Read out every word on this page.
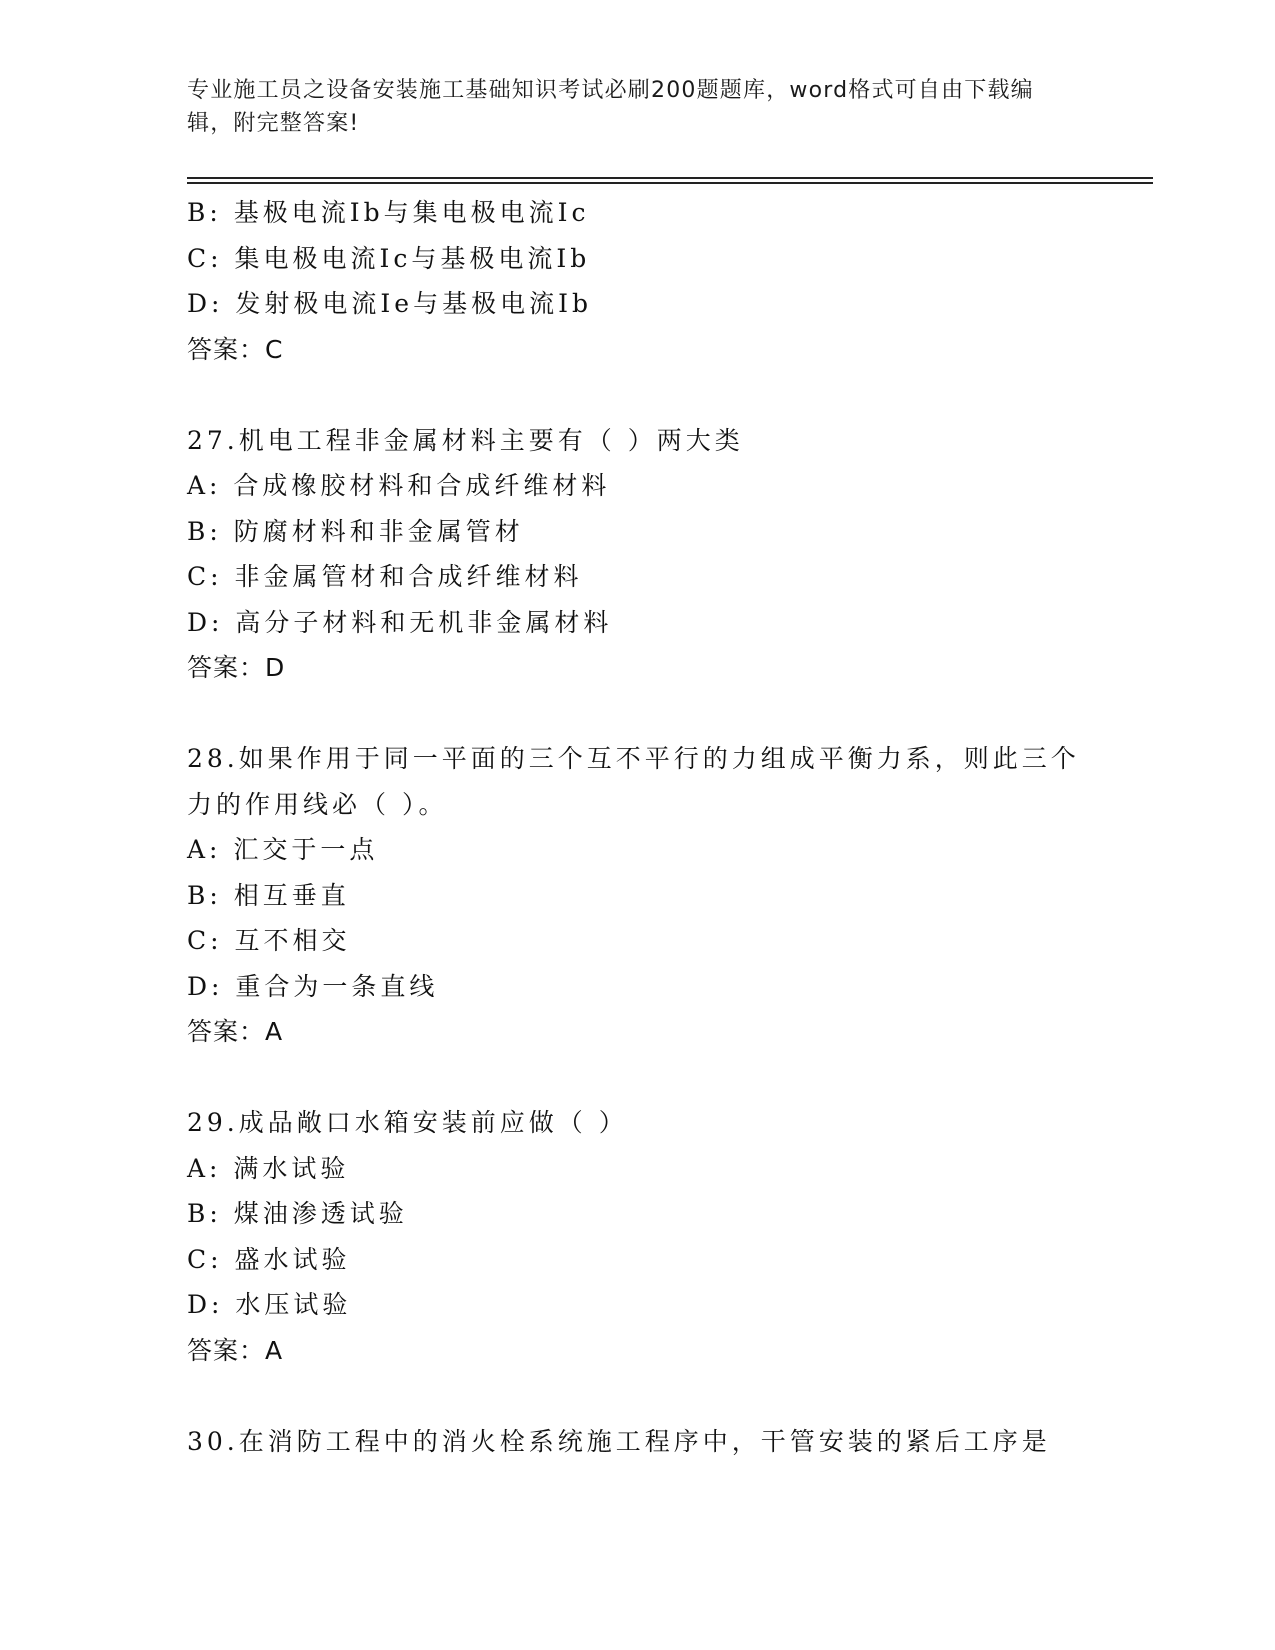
专业施工员之设备安装施工基础知识考试必刷200题题库，word格式可自由下载编辑，附完整答案!
B: 基极电流Ib与集电极电流Ic
C: 集电极电流Ic与基极电流Ib
D: 发射极电流Ie与基极电流Ib
答案：C
27.机电工程非金属材料主要有（ ）两大类
A: 合成橡胶材料和合成纤维材料
B: 防腐材料和非金属管材
C: 非金属管材和合成纤维材料
D: 高分子材料和无机非金属材料
答案：D
28.如果作用于同一平面的三个互不平行的力组成平衡力系，则此三个
力的作用线必（ ）。
A: 汇交于一点
B: 相互垂直
C: 互不相交
D: 重合为一条直线
答案：A
29.成品敞口水箱安装前应做（ ）
A: 满水试验
B: 煤油渗透试验
C: 盛水试验
D: 水压试验
答案：A
30.在消防工程中的消火栓系统施工程序中，干管安装的紧后工序是
